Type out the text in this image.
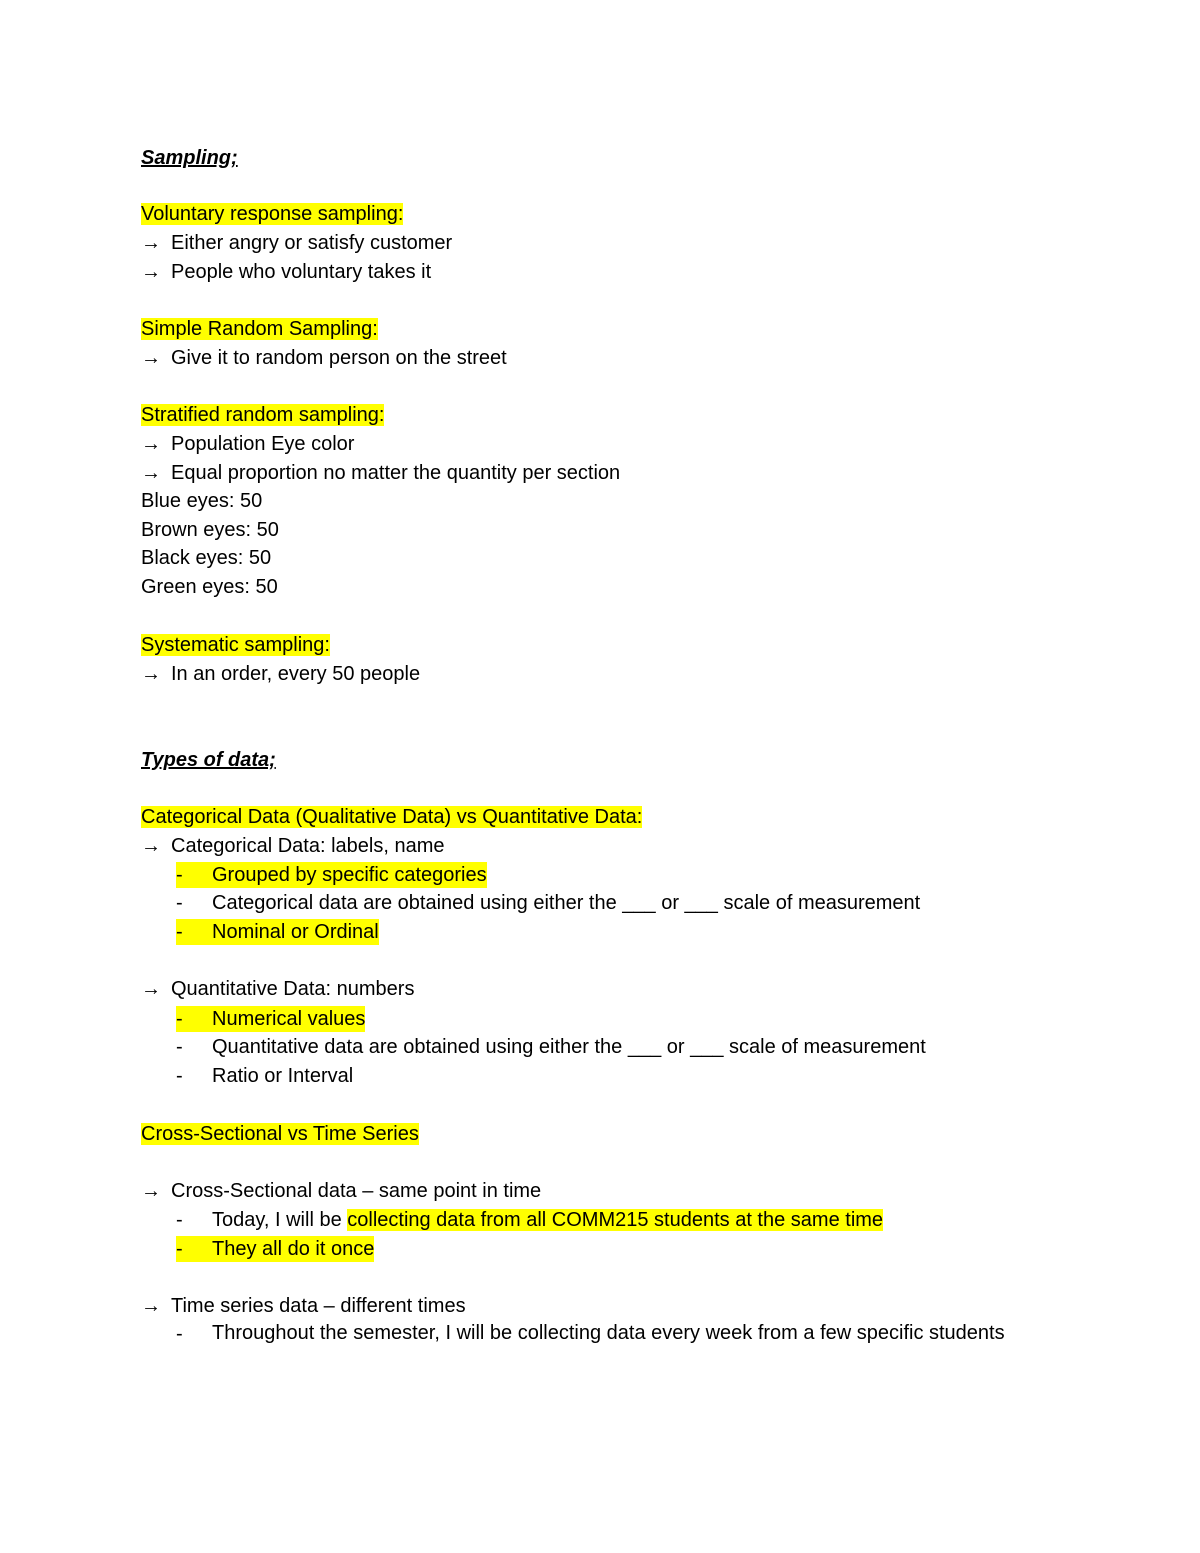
Sampling;
Voluntary response sampling:
→ Either angry or satisfy customer
→ People who voluntary takes it
Simple Random Sampling:
→ Give it to random person on the street
Stratified random sampling:
→ Population Eye color
→ Equal proportion no matter the quantity per section
Blue eyes: 50
Brown eyes: 50
Black eyes: 50
Green eyes: 50
Systematic sampling:
→ In an order, every 50 people
Types of data;
Categorical Data (Qualitative Data) vs Quantitative Data:
→ Categorical Data: labels, name
- Grouped by specific categories
- Categorical data are obtained using either the ___ or ___ scale of measurement
- Nominal or Ordinal
→ Quantitative Data: numbers
- Numerical values
- Quantitative data are obtained using either the ___ or ___ scale of measurement
- Ratio or Interval
Cross-Sectional vs Time Series
→ Cross-Sectional data – same point in time
- Today, I will be collecting data from all COMM215 students at the same time
- They all do it once
→ Time series data – different times
-	Throughout the semester, I will be collecting data every week from a few specific students
